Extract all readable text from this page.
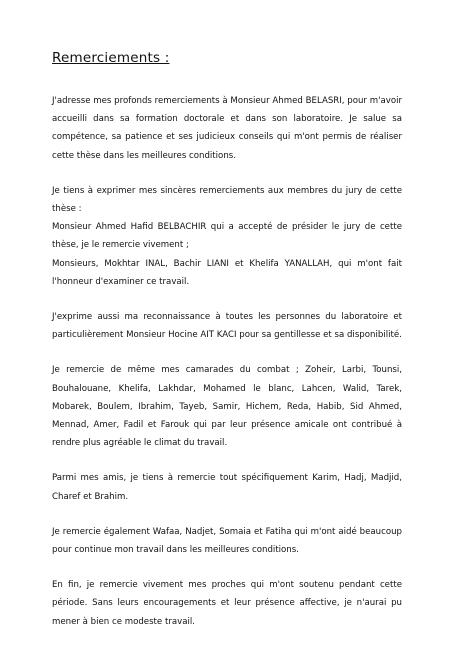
Remerciements :

J'adresse mes profonds remerciements à Monsieur Ahmed BELASRI, pour m'avoir accueilli dans sa formation doctorale et dans son laboratoire. Je salue sa compétence, sa patience et ses judicieux conseils qui m'ont permis de réaliser cette thèse dans les meilleures conditions.

Je tiens à exprimer mes sincères remerciements aux membres du jury de cette thèse :

Monsieur Ahmed Hafid BELBACHIR qui a accepté de présider le jury de cette thèse, je le remercie vivement ;

Monsieurs, Mokhtar INAL, Bachir LIANI et Khelifa YANALLAH, qui m'ont fait l'honneur d'examiner ce travail.

J'exprime aussi ma reconnaissance à toutes les personnes du laboratoire et particulièrement Monsieur Hocine AIT KACI pour sa gentillesse et sa disponibilité.

Je remercie de même mes camarades du combat ; Zoheir, Larbi, Tounsi, Bouhalouane, Khelifa, Lakhdar, Mohamed le blanc, Lahcen, Walid, Tarek, Mobarek, Boulem, Ibrahim, Tayeb, Samir, Hichem, Reda, Habib, Sid Ahmed, Mennad, Amer, Fadil et Farouk qui par leur présence amicale ont contribué à rendre plus agréable le climat du travail.

Parmi mes amis, je tiens à remercie tout spécifiquement Karim, Hadj, Madjid, Charef et Brahim.

Je remercie également Wafaa, Nadjet, Somaia et Fatiha qui m'ont aidé beaucoup pour continue mon travail dans les meilleures conditions.

En fin, je remercie vivement mes proches qui m'ont soutenu pendant cette période. Sans leurs encouragements et leur présence affective, je n'aurai pu mener à bien ce modeste travail.
